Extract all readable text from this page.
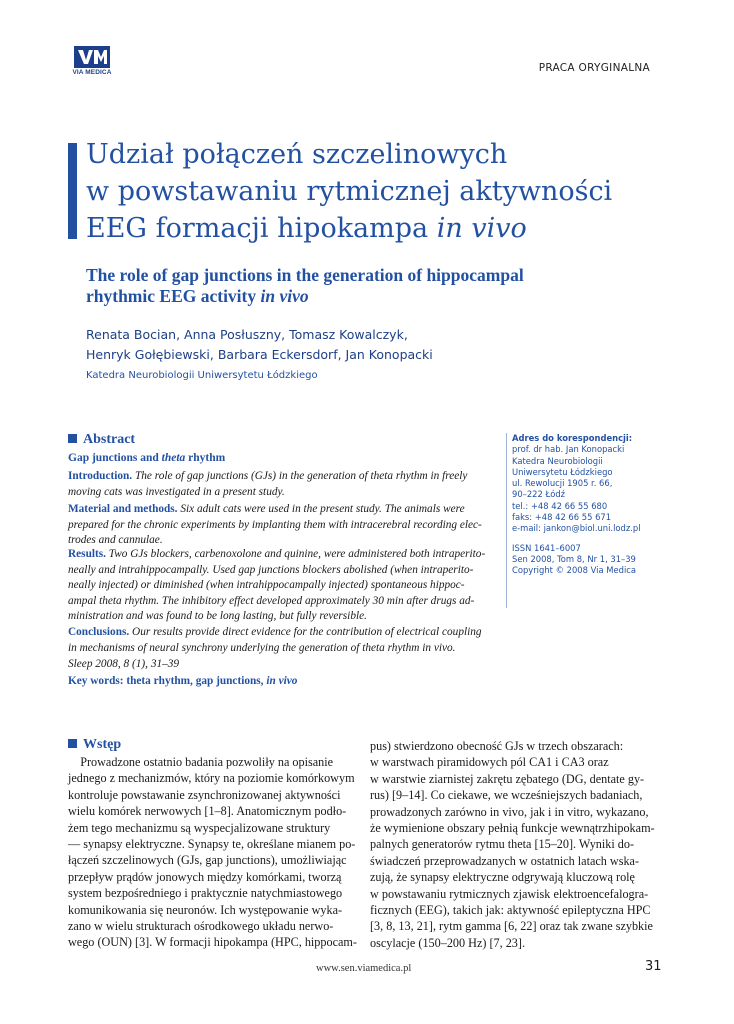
VIA MEDICA	PRACA ORYGINALNA
Udział połączeń szczelinowych
w powstawaniu rytmicznej aktywności
EEG formacji hipokampa in vivo
The role of gap junctions in the generation of hippocampal
rhythmic EEG activity in vivo
Renata Bocian, Anna Posłuszny, Tomasz Kowalczyk,
Henryk Gołębiewski, Barbara Eckersdorf, Jan Konopacki
Katedra Neurobiologii Uniwersytetu Łódzkiego
Abstract
Gap junctions and theta rhythm
Introduction. The role of gap junctions (GJs) in the generation of theta rhythm in freely
moving cats was investigated in a present study.
Material and methods. Six adult cats were used in the present study. The animals were
prepared for the chronic experiments by implanting them with intracerebral recording elec-
trodes and cannulae.
Results. Two GJs blockers, carbenoxolone and quinine, were administered both intraperito-
neally and intrahippocampally. Used gap junctions blockers abolished (when intraperito-
neally injected) or diminished (when intrahippocampally injected) spontaneous hippoc-
ampal theta rhythm. The inhibitory effect developed approximately 30 min after drugs ad-
ministration and was found to be long lasting, but fully reversible.
Conclusions. Our results provide direct evidence for the contribution of electrical coupling
in mechanisms of neural synchrony underlying the generation of theta rhythm in vivo.
Sleep 2008, 8 (1), 31–39
Key words: theta rhythm, gap junctions, in vivo
Adres do korespondencji:
prof. dr hab. Jan Konopacki
Katedra Neurobiologii
Uniwersytetu Łódzkiego
ul. Rewolucji 1905 r. 66,
90–222 Łódź
tel.: +48 42 66 55 680
faks: +48 42 66 55 671
e-mail: jankon@biol.uni.lodz.pl
ISSN 1641–6007
Sen 2008, Tom 8, Nr 1, 31–39
Copyright © 2008 Via Medica
Wstęp
Prowadzone ostatnio badania pozwoliły na opisanie
jednego z mechanizmów, który na poziomie komórkowym
kontroluje powstawanie zsynchronizowanej aktywności
wielu komórek nerwowych [1–8]. Anatomicznym podło-
żem tego mechanizmu są wyspecjalizowane struktury
— synapsy elektryczne. Synapsy te, określane mianem po-
łączeń szczelinowych (GJs, gap junctions), umożliwiając
przepływ prądów jonowych między komórkami, tworzą
system bezpośredniego i praktycznie natychmiastowego
komunikowania się neuronów. Ich występowanie wyka-
zano w wielu strukturach ośrodkowego układu nerwo-
wego (OUN) [3]. W formacji hipokampa (HPC, hippocam-
pus) stwierdzono obecność GJs w trzech obszarach:
w warstwach piramidowych pól CA1 i CA3 oraz
w warstwie ziarnistej zakrętu zębatego (DG, dentate gy-
rus) [9–14]. Co ciekawe, we wcześniejszych badaniach,
prowadzonych zarówno in vivo, jak i in vitro, wykazano,
że wymienione obszary pełnią funkcje wewnątrzhipokam-
palnych generatorów rytmu theta [15–20]. Wyniki do-
świadczeń przeprowadzanych w ostatnich latach wska-
zują, że synapsy elektryczne odgrywają kluczową rolę
w powstawaniu rytmicznych zjawisk elektroencefalogra-
ficznych (EEG), takich jak: aktywność epileptyczna HPC
[3, 8, 13, 21], rytm gamma [6, 22] oraz tak zwane szybkie
oscylacje (150–200 Hz) [7, 23].
www.sen.viamedica.pl	31
